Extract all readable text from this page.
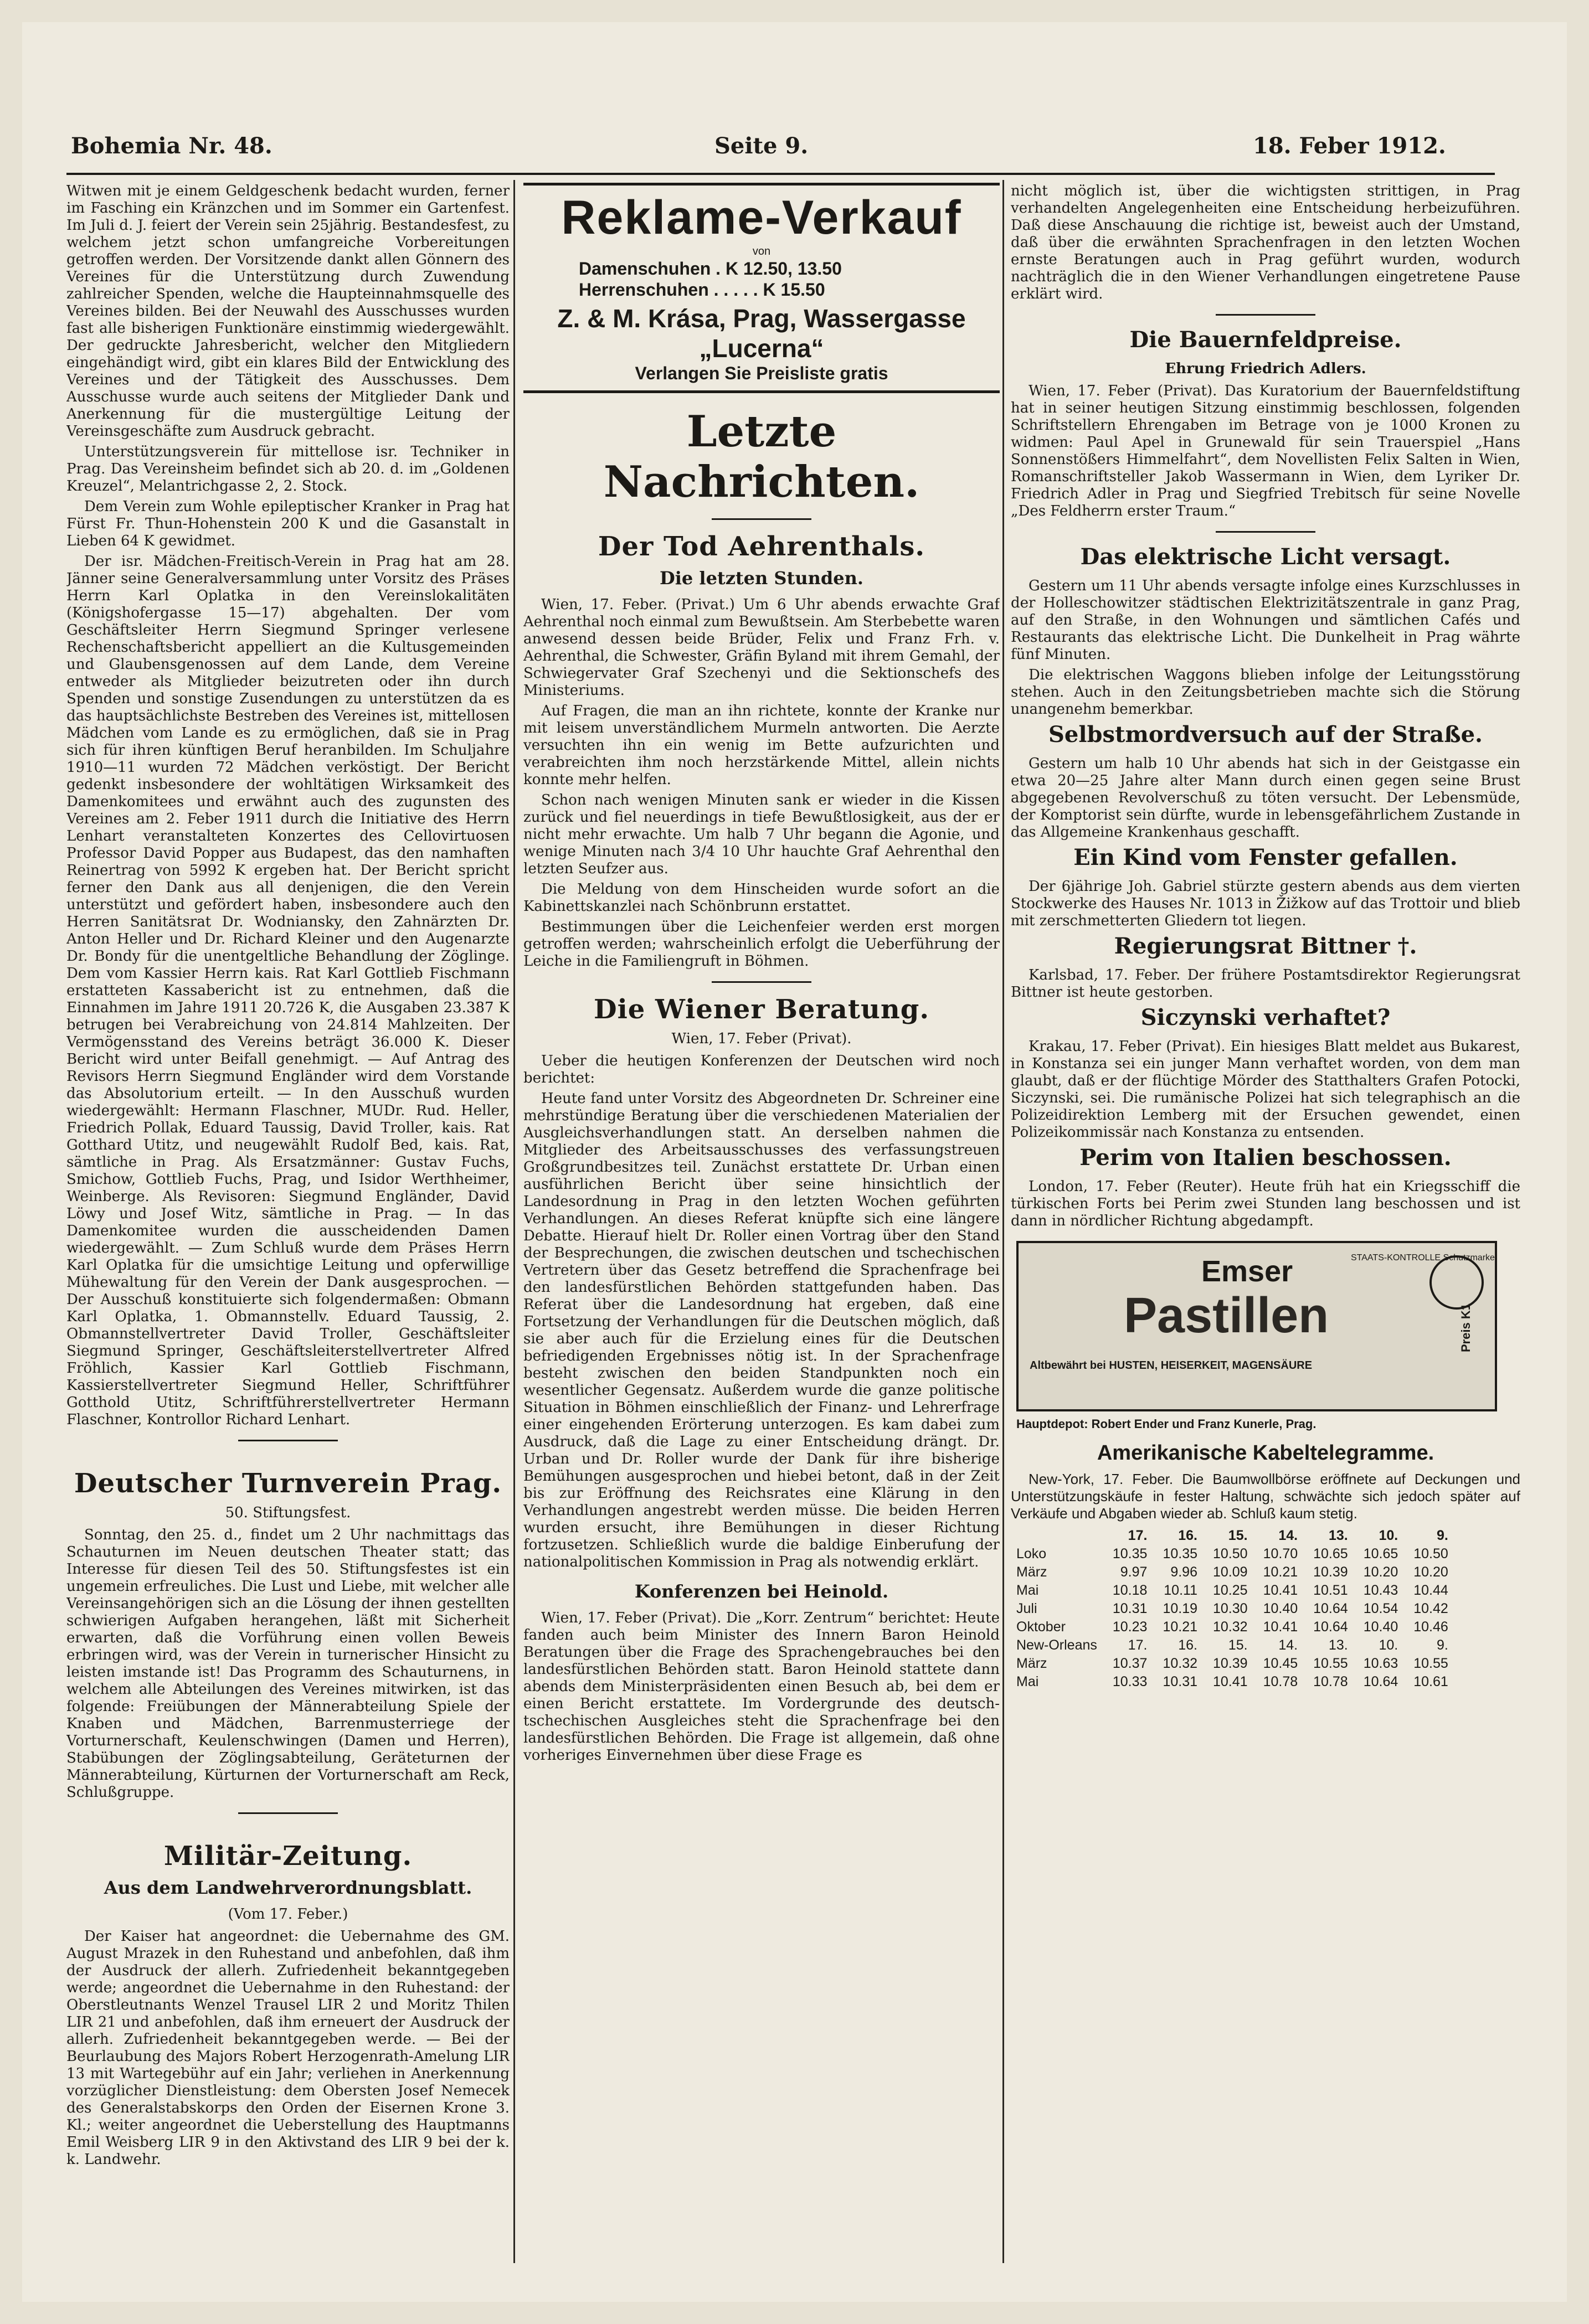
Bohemia Nr. 48.	Seite 9.	18. Feber 1912.

Witwen mit je einem Geldgeschenk bedacht wurden, ferner im Fasching ein Kränzchen und im Sommer ein Gartenfest. Im Juli d. J. feiert der Verein sein 25jährig. Bestandesfest, zu welchem jetzt schon umfangreiche Vorbereitungen getroffen werden. Der Vorsitzende dankt allen Gönnern des Vereines für die Unterstützung durch Zuwendung zahlreicher Spenden, welche die Haupteinnahmsquelle des Vereines bilden. Bei der Neuwahl des Ausschusses wurden fast alle bisherigen Funktionäre einstimmig wiedergewählt. Der gedruckte Jahresbericht, welcher den Mitgliedern eingehändigt wird, gibt ein klares Bild der Entwicklung des Vereines und der Tätigkeit des Ausschusses. Dem Ausschusse wurde auch seitens der Mitglieder Dank und Anerkennung für die mustergültige Leitung der Vereinsgeschäfte zum Ausdruck gebracht.

Unterstützungsverein für mittellose isr. Techniker in Prag. Das Vereinsheim befindet sich ab 20. d. im „Goldenen Kreuzel“, Melantrichgasse 2, 2. Stock.

Dem Verein zum Wohle epileptischer Kranker in Prag hat Fürst Fr. Thun-Hohenstein 200 K und die Gasanstalt in Lieben 64 K gewidmet.

Der isr. Mädchen-Freitisch-Verein in Prag hat am 28. Jänner seine Generalversammlung unter Vorsitz des Präses Herrn Karl Oplatka in den Vereinslokalitäten (Königshofergasse 15—17) abgehalten. Der vom Geschäftsleiter Herrn Siegmund Springer verlesene Rechenschaftsbericht appelliert an die Kultusgemeinden und Glaubensgenossen auf dem Lande, dem Vereine entweder als Mitglieder beizutreten oder ihn durch Spenden und sonstige Zusendungen zu unterstützen da es das hauptsächlichste Bestreben des Vereines ist, mittellosen Mädchen vom Lande es zu ermöglichen, daß sie in Prag sich für ihren künftigen Beruf heranbilden. Im Schuljahre 1910—11 wurden 72 Mädchen verköstigt. Der Bericht gedenkt insbesondere der wohltätigen Wirksamkeit des Damenkomitees und erwähnt auch des zugunsten des Vereines am 2. Feber 1911 durch die Initiative des Herrn Lenhart veranstalteten Konzertes des Cellovirtuosen Professor David Popper aus Budapest, das den namhaften Reinertrag von 5992 K ergeben hat. Der Bericht spricht ferner den Dank aus all denjenigen, die den Verein unterstützt und gefördert haben, insbesondere auch den Herren Sanitätsrat Dr. Wodniansky, den Zahnärzten Dr. Anton Heller und Dr. Richard Kleiner und den Augenarzte Dr. Bondy für die unentgeltliche Behandlung der Zöglinge. Dem vom Kassier Herrn kais. Rat Karl Gottlieb Fischmann erstatteten Kassabericht ist zu entnehmen, daß die Einnahmen im Jahre 1911 20.726 K, die Ausgaben 23.387 K betrugen bei Verabreichung von 24.814 Mahlzeiten. Der Vermögensstand des Vereins beträgt 36.000 K. Dieser Bericht wird unter Beifall genehmigt. — Auf Antrag des Revisors Herrn Siegmund Engländer wird dem Vorstande das Absolutorium erteilt. — In den Ausschuß wurden wiedergewählt: Hermann Flaschner, MUDr. Rud. Heller, Friedrich Pollak, Eduard Taussig, David Troller, kais. Rat Gotthard Utitz, und neugewählt Rudolf Bed, kais. Rat, sämtliche in Prag. Als Ersatzmänner: Gustav Fuchs, Smichow, Gottlieb Fuchs, Prag, und Isidor Werthheimer, Weinberge. Als Revisoren: Siegmund Engländer, David Löwy und Josef Witz, sämtliche in Prag. — In das Damenkomitee wurden die ausscheidenden Damen wiedergewählt. — Zum Schluß wurde dem Präses Herrn Karl Oplatka für die umsichtige Leitung und opferwillige Mühewaltung für den Verein der Dank ausgesprochen. — Der Ausschuß konstituierte sich folgendermaßen: Obmann Karl Oplatka, 1. Obmannstellv. Eduard Taussig, 2. Obmannstellvertreter David Troller, Geschäftsleiter Siegmund Springer, Geschäftsleiterstellvertreter Alfred Fröhlich, Kassier Karl Gottlieb Fischmann, Kassierstellvertreter Siegmund Heller, Schriftführer Gotthold Utitz, Schriftführerstellvertreter Hermann Flaschner, Kontrollor Richard Lenhart.

Deutscher Turnverein Prag.
50. Stiftungsfest.

Sonntag, den 25. d., findet um 2 Uhr nachmittags das Schauturnen im Neuen deutschen Theater statt; das Interesse für diesen Teil des 50. Stiftungsfestes ist ein ungemein erfreuliches. Die Lust und Liebe, mit welcher alle Vereinsangehörigen sich an die Lösung der ihnen gestellten schwierigen Aufgaben herangehen, läßt mit Sicherheit erwarten, daß die Vorführung einen vollen Beweis erbringen wird, was der Verein in turnerischer Hinsicht zu leisten imstande ist! Das Programm des Schauturnens, in welchem alle Abteilungen des Vereines mitwirken, ist das folgende: Freiübungen der Männerabteilung Spiele der Knaben und Mädchen, Barrenmusterriege der Vorturnerschaft, Keulenschwingen (Damen und Herren), Stabübungen der Zöglingsabteilung, Geräteturnen der Männerabteilung, Kürturnen der Vorturnerschaft am Reck, Schlußgruppe.

Militär-Zeitung.
Aus dem Landwehrverordnungsblatt.
(Vom 17. Feber.)

Der Kaiser hat angeordnet: die Uebernahme des GM. August Mrazek in den Ruhestand und anbefohlen, daß ihm der Ausdruck der allerh. Zufriedenheit bekanntgegeben werde; angeordnet die Uebernahme in den Ruhestand: der Oberstleutnants Wenzel Trausel LIR 2 und Moritz Thilen LIR 21 und anbefohlen, daß ihm erneuert der Ausdruck der allerh. Zufriedenheit bekanntgegeben werde. — Bei der Beurlaubung des Majors Robert Herzogenrath-Amelung LIR 13 mit Wartegebühr auf ein Jahr; verliehen in Anerkennung vorzüglicher Dienstleistung: dem Obersten Josef Nemecek des Generalstabskorps den Orden der Eisernen Krone 3. Kl.; weiter angeordnet die Ueberstellung des Hauptmanns Emil Weisberg LIR 9 in den Aktivstand des LIR 9 bei der k. k. Landwehr.

Reklame-Verkauf
von
Damenschuhen . K 12.50, 13.50
Herrenschuhen . . . . . K 15.50
Z. & M. Krása, Prag, Wassergasse „Lucerna“
Verlangen Sie Preisliste gratis
Letzte Nachrichten.
Der Tod Aehrenthals.
Die letzten Stunden.

Wien, 17. Feber. (Privat.) Um 6 Uhr abends erwachte Graf Aehrenthal noch einmal zum Bewußtsein. Am Sterbebette waren anwesend dessen beide Brüder, Felix und Franz Frh. v. Aehrenthal, die Schwester, Gräfin Byland mit ihrem Gemahl, der Schwiegervater Graf Szechenyi und die Sektionschefs des Ministeriums.

Auf Fragen, die man an ihn richtete, konnte der Kranke nur mit leisem unverständlichem Murmeln antworten. Die Aerzte versuchten ihn ein wenig im Bette aufzurichten und verabreichten ihm noch herzstärkende Mittel, allein nichts konnte mehr helfen.

Schon nach wenigen Minuten sank er wieder in die Kissen zurück und fiel neuerdings in tiefe Bewußtlosigkeit, aus der er nicht mehr erwachte. Um halb 7 Uhr begann die Agonie, und wenige Minuten nach 3/4 10 Uhr hauchte Graf Aehrenthal den letzten Seufzer aus.

Die Meldung von dem Hinscheiden wurde sofort an die Kabinettskanzlei nach Schönbrunn erstattet.

Bestimmungen über die Leichenfeier werden erst morgen getroffen werden; wahrscheinlich erfolgt die Ueberführung der Leiche in die Familiengruft in Böhmen.

Die Wiener Beratung.
Wien, 17. Feber (Privat).

Ueber die heutigen Konferenzen der Deutschen wird noch berichtet:

Heute fand unter Vorsitz des Abgeordneten Dr. Schreiner eine mehrstündige Beratung über die verschiedenen Materialien der Ausgleichsverhandlungen statt. An derselben nahmen die Mitglieder des Arbeitsausschusses des verfassungstreuen Großgrundbesitzes teil. Zunächst erstattete Dr. Urban einen ausführlichen Bericht über seine hinsichtlich der Landesordnung in Prag in den letzten Wochen geführten Verhandlungen. An dieses Referat knüpfte sich eine längere Debatte. Hierauf hielt Dr. Roller einen Vortrag über den Stand der Besprechungen, die zwischen deutschen und tschechischen Vertretern über das Gesetz betreffend die Sprachenfrage bei den landesfürstlichen Behörden stattgefunden haben. Das Referat über die Landesordnung hat ergeben, daß eine Fortsetzung der Verhandlungen für die Deutschen möglich, daß sie aber auch für die Erzielung eines für die Deutschen befriedigenden Ergebnisses nötig ist. In der Sprachenfrage besteht zwischen den beiden Standpunkten noch ein wesentlicher Gegensatz. Außerdem wurde die ganze politische Situation in Böhmen einschließlich der Finanz- und Lehrerfrage einer eingehenden Erörterung unterzogen. Es kam dabei zum Ausdruck, daß die Lage zu einer Entscheidung drängt. Dr. Urban und Dr. Roller wurde der Dank für ihre bisherige Bemühungen ausgesprochen und hiebei betont, daß in der Zeit bis zur Eröffnung des Reichsrates eine Klärung in den Verhandlungen angestrebt werden müsse. Die beiden Herren wurden ersucht, ihre Bemühungen in dieser Richtung fortzusetzen. Schließlich wurde die baldige Einberufung der nationalpolitischen Kommission in Prag als notwendig erklärt.

Konferenzen bei Heinold.

Wien, 17. Feber (Privat). Die „Korr. Zentrum“ berichtet: Heute fanden auch beim Minister des Innern Baron Heinold Beratungen über die Frage des Sprachengebrauches bei den landesfürstlichen Behörden statt. Baron Heinold stattete dann abends dem Ministerpräsidenten einen Besuch ab, bei dem er einen Bericht erstattete. Im Vordergrunde des deutsch-tschechischen Ausgleiches steht die Sprachenfrage bei den landesfürstlichen Behörden. Die Frage ist allgemein, daß ohne vorheriges Einvernehmen über diese Frage es

nicht möglich ist, über die wichtigsten strittigen, in Prag verhandelten Angelegenheiten eine Entscheidung herbeizuführen. Daß diese Anschauung die richtige ist, beweist auch der Umstand, daß über die erwähnten Sprachenfragen in den letzten Wochen ernste Beratungen auch in Prag geführt wurden, wodurch nachträglich die in den Wiener Verhandlungen eingetretene Pause erklärt wird.

Die Bauernfeldpreise.
Ehrung Friedrich Adlers.

Wien, 17. Feber (Privat). Das Kuratorium der Bauernfeldstiftung hat in seiner heutigen Sitzung einstimmig beschlossen, folgenden Schriftstellern Ehrengaben im Betrage von je 1000 Kronen zu widmen: Paul Apel in Grunewald für sein Trauerspiel „Hans Sonnenstößers Himmelfahrt“, dem Novellisten Felix Salten in Wien, Romanschriftsteller Jakob Wassermann in Wien, dem Lyriker Dr. Friedrich Adler in Prag und Siegfried Trebitsch für seine Novelle „Des Feldherrn erster Traum.“

Das elektrische Licht versagt.

Gestern um 11 Uhr abends versagte infolge eines Kurzschlusses in der Holleschowitzer städtischen Elektrizitätszentrale in ganz Prag, auf den Straße, in den Wohnungen und sämtlichen Cafés und Restaurants das elektrische Licht. Die Dunkelheit in Prag währte fünf Minuten.

Die elektrischen Waggons blieben infolge der Leitungsstörung stehen. Auch in den Zeitungsbetrieben machte sich die Störung unangenehm bemerkbar.

Selbstmordversuch auf der Straße.

Gestern um halb 10 Uhr abends hat sich in der Geistgasse ein etwa 20—25 Jahre alter Mann durch einen gegen seine Brust abgegebenen Revolverschuß zu töten versucht. Der Lebensmüde, der Komptorist sein dürfte, wurde in lebensgefährlichem Zustande in das Allgemeine Krankenhaus geschafft.

Ein Kind vom Fenster gefallen.

Der 6jährige Joh. Gabriel stürzte gestern abends aus dem vierten Stockwerke des Hauses Nr. 1013 in Žižkow auf das Trottoir und blieb mit zerschmetterten Gliedern tot liegen.

Regierungsrat Bittner †.

Karlsbad, 17. Feber. Der frühere Postamtsdirektor Regierungsrat Bittner ist heute gestorben.

Siczynski verhaftet?

Krakau, 17. Feber (Privat). Ein hiesiges Blatt meldet aus Bukarest, in Konstanza sei ein junger Mann verhaftet worden, von dem man glaubt, daß er der flüchtige Mörder des Statthalters Grafen Potocki, Siczynski, sei. Die rumänische Polizei hat sich telegraphisch an die Polizeidirektion Lemberg mit der Ersuchen gewendet, einen Polizeikommissär nach Konstanza zu entsenden.

Perim von Italien beschossen.

London, 17. Feber (Reuter). Heute früh hat ein Kriegsschiff die türkischen Forts bei Perim zwei Stunden lang beschossen und ist dann in nördlicher Richtung abgedampft.

Emser
Pastillen
STAATS-KONTROLLE Schutzmarke
Preis K1
Altbewährt bei HUSTEN, HEISERKEIT, MAGENSÄURE
Hauptdepot: Robert Ender und Franz Kunerle, Prag.
Amerikanische Kabeltelegramme.

New-York, 17. Feber. Die Baumwollbörse eröffnete auf Deckungen und Unterstützungskäufe in fester Haltung, schwächte sich jedoch später auf Verkäufe und Abgaben wieder ab. Schluß kaum stetig.

	17.	16.	15.	14.	13.	10.	9.
Loko	10.35	10.35	10.50	10.70	10.65	10.65	10.50
März	9.97	9.96	10.09	10.21	10.39	10.20	10.20
Mai	10.18	10.11	10.25	10.41	10.51	10.43	10.44
Juli	10.31	10.19	10.30	10.40	10.64	10.54	10.42
Oktober	10.23	10.21	10.32	10.41	10.64	10.40	10.46
New-Orleans	17.	16.	15.	14.	13.	10.	9.
März	10.37	10.32	10.39	10.45	10.55	10.63	10.55
Mai	10.33	10.31	10.41	10.78	10.78	10.64	10.61
